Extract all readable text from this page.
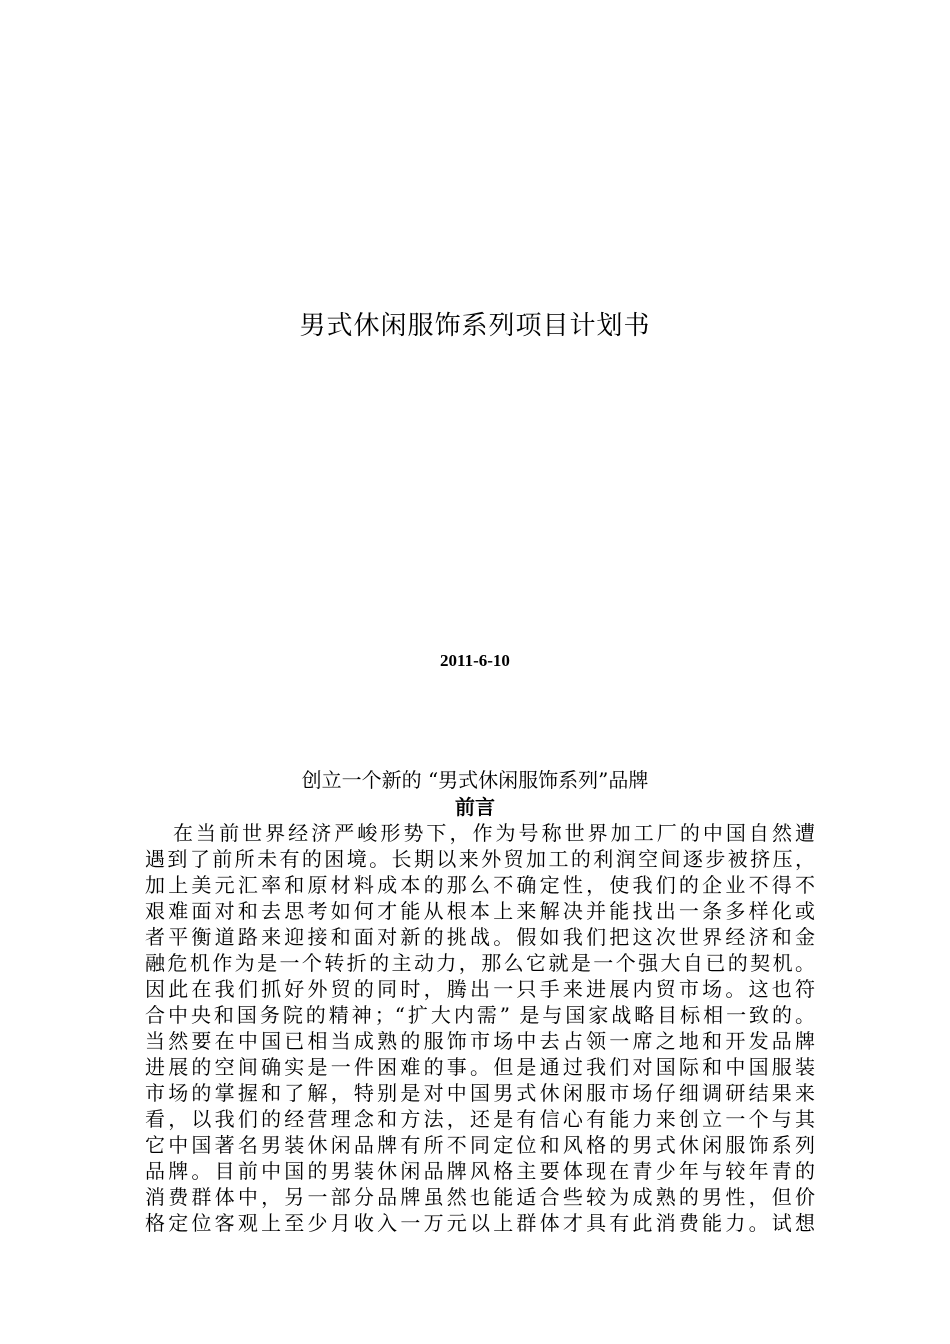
男式休闲服饰系列项目计划书
2011-6-10
创立一个新的 “男式休闲服饰系列”品牌
前言
在当前世界经济严峻形势下，作为号称世界加工厂的中国自然遭
遇到了前所未有的困境。长期以来外贸加工的利润空间逐步被挤压，
加上美元汇率和原材料成本的那么不确定性，使我们的企业不得不
艰难面对和去思考如何才能从根本上来解决并能找出一条多样化或
者平衡道路来迎接和面对新的挑战。假如我们把这次世界经济和金
融危机作为是一个转折的主动力，那么它就是一个强大自已的契机。
因此在我们抓好外贸的同时，腾出一只手来进展内贸市场。这也符
合中央和国务院的精神；“扩大内需” 是与国家战略目标相一致的。
当然要在中国已相当成熟的服饰市场中去占领一席之地和开发品牌
进展的空间确实是一件困难的事。但是通过我们对国际和中国服装
市场的掌握和了解，特别是对中国男式休闲服市场仔细调研结果来
看，以我们的经营理念和方法，还是有信心有能力来创立一个与其
它中国著名男装休闲品牌有所不同定位和风格的男式休闲服饰系列
品牌。目前中国的男装休闲品牌风格主要体现在青少年与较年青的
消费群体中，另一部分品牌虽然也能适合些较为成熟的男性，但价
格定位客观上至少月收入一万元以上群体才具有此消费能力。试想
